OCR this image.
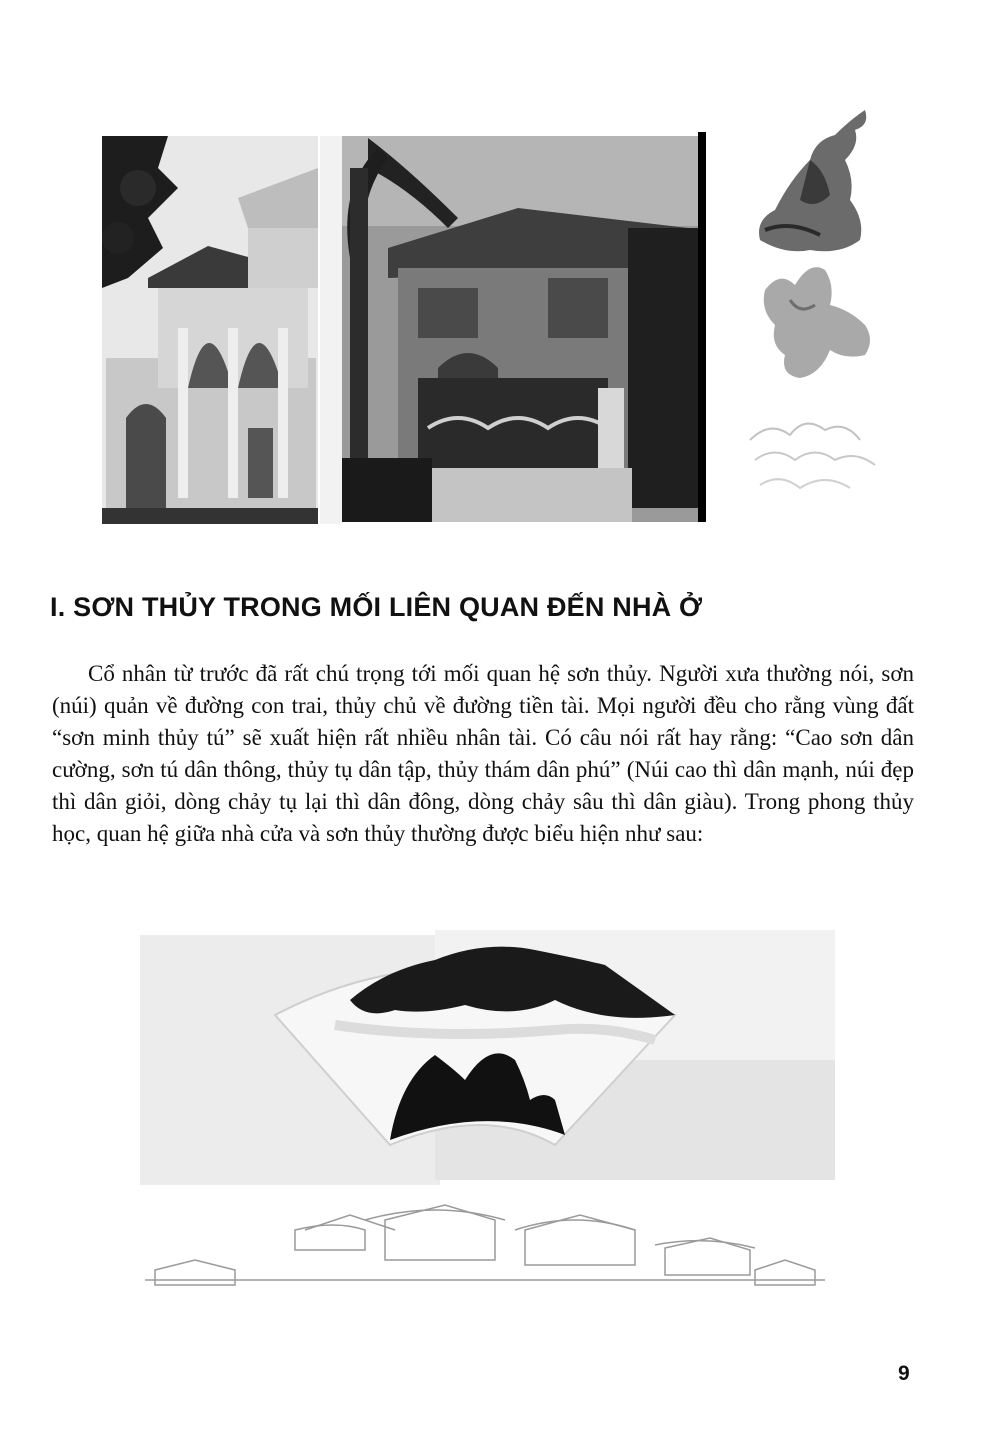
I. SƠN THỦY TRONG MỐI LIÊN QUAN ĐẾN NHÀ Ở

Cổ nhân từ trước đã rất chú trọng tới mối quan hệ sơn thủy. Người xưa thường nói, sơn (núi) quản về đường con trai, thủy chủ về đường tiền tài. Mọi người đều cho rằng vùng đất “sơn minh thủy tú” sẽ xuất hiện rất nhiều nhân tài. Có câu nói rất hay rằng: “Cao sơn dân cường, sơn tú dân thông, thủy tụ dân tập, thủy thám dân phú” (Núi cao thì dân mạnh, núi đẹp thì dân giỏi, dòng chảy tụ lại thì dân đông, dòng chảy sâu thì dân giàu). Trong phong thủy học, quan hệ giữa nhà cửa và sơn thủy thường được biểu hiện như sau:

9
